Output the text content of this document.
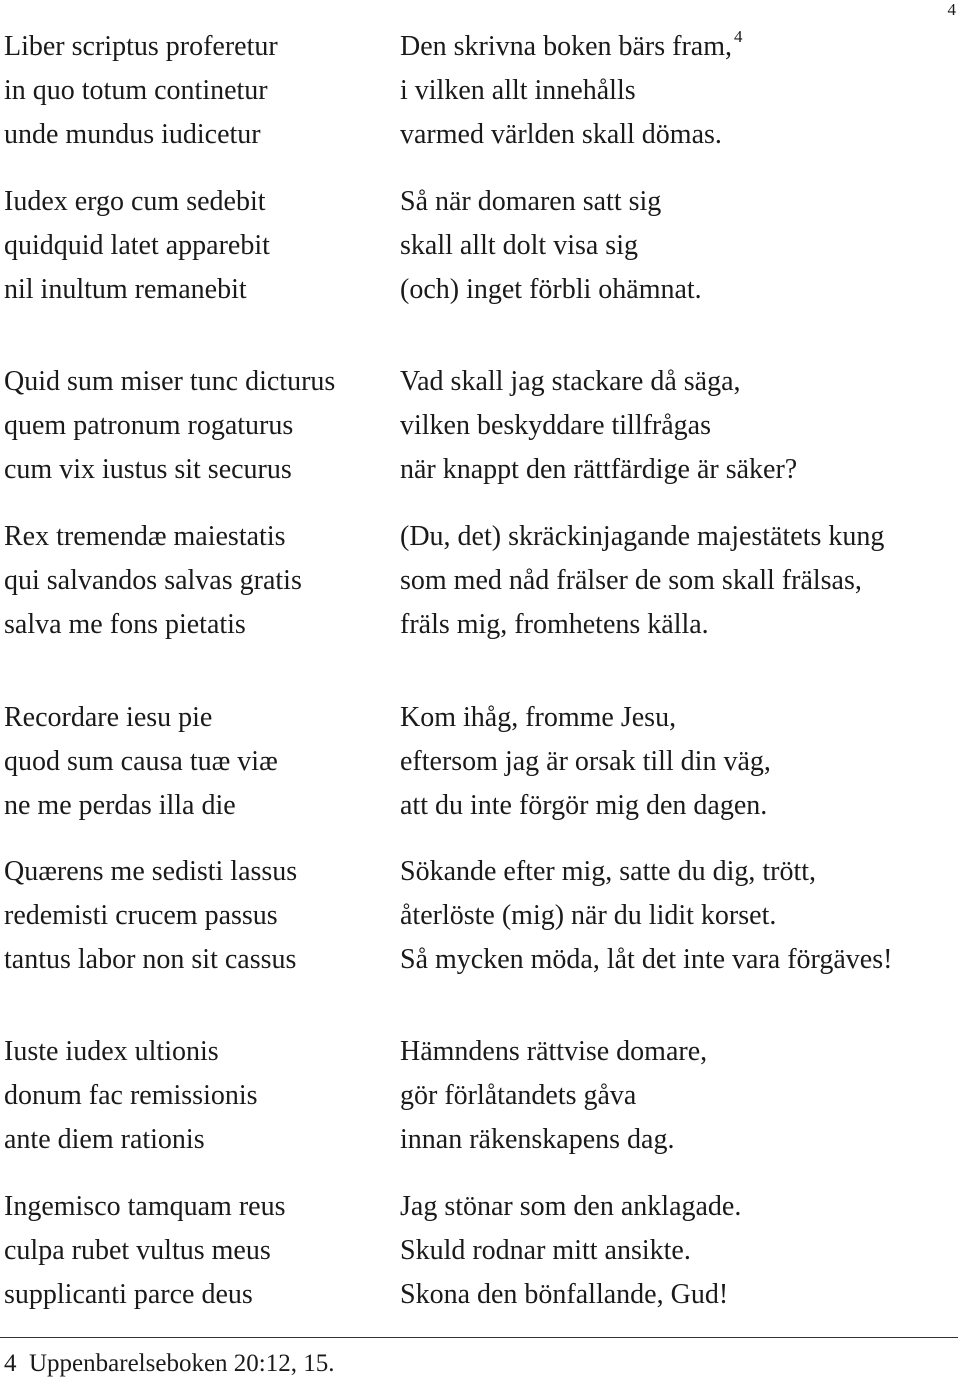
4
Liber scriptus proferetur
in quo totum continetur
unde mundus iudicetur
Den skrivna boken bärs fram, $^4$
i vilken allt innehålls
varmed världen skall dömas.
Iudex ergo cum sedebit
quidquid latet apparebit
nil inultum remanebit
Så när domaren satt sig
skall allt dolt visa sig
(och) inget förbli ohämnat.
Quid sum miser tunc dicturus
quem patronum rogaturus
cum vix iustus sit securus
Vad skall jag stackare då säga,
vilken beskyddare tillfrågas
när knappt den rättfärdige är säker?
Rex tremendæ maiestatis
qui salvandos salvas gratis
salva me fons pietatis
(Du, det) skräckinjagande majestätets kung
som med nåd frälser de som skall frälsas,
fräls mig, fromhetens källa.
Recordare iesu pie
quod sum causa tuæ viæ
ne me perdas illa die
Kom ihåg, fromme Jesu,
eftersom jag är orsak till din väg,
att du inte förgör mig den dagen.
Quærens me sedisti lassus
redemisti crucem passus
tantus labor non sit cassus
Sökande efter mig, satte du dig, trött,
återlöste (mig) när du lidit korset.
Så mycken möda, låt det inte vara förgäves!
Iuste iudex ultionis
donum fac remissionis
ante diem rationis
Hämndens rättvise domare,
gör förlåtandets gåva
innan räkenskapens dag.
Ingemisco tamquam reus
culpa rubet vultus meus
supplicanti parce deus
Jag stönar som den anklagade.
Skuld rodnar mitt ansikte.
Skona den bönfallande, Gud!
4 Uppenbarelseboken 20:12, 15.
